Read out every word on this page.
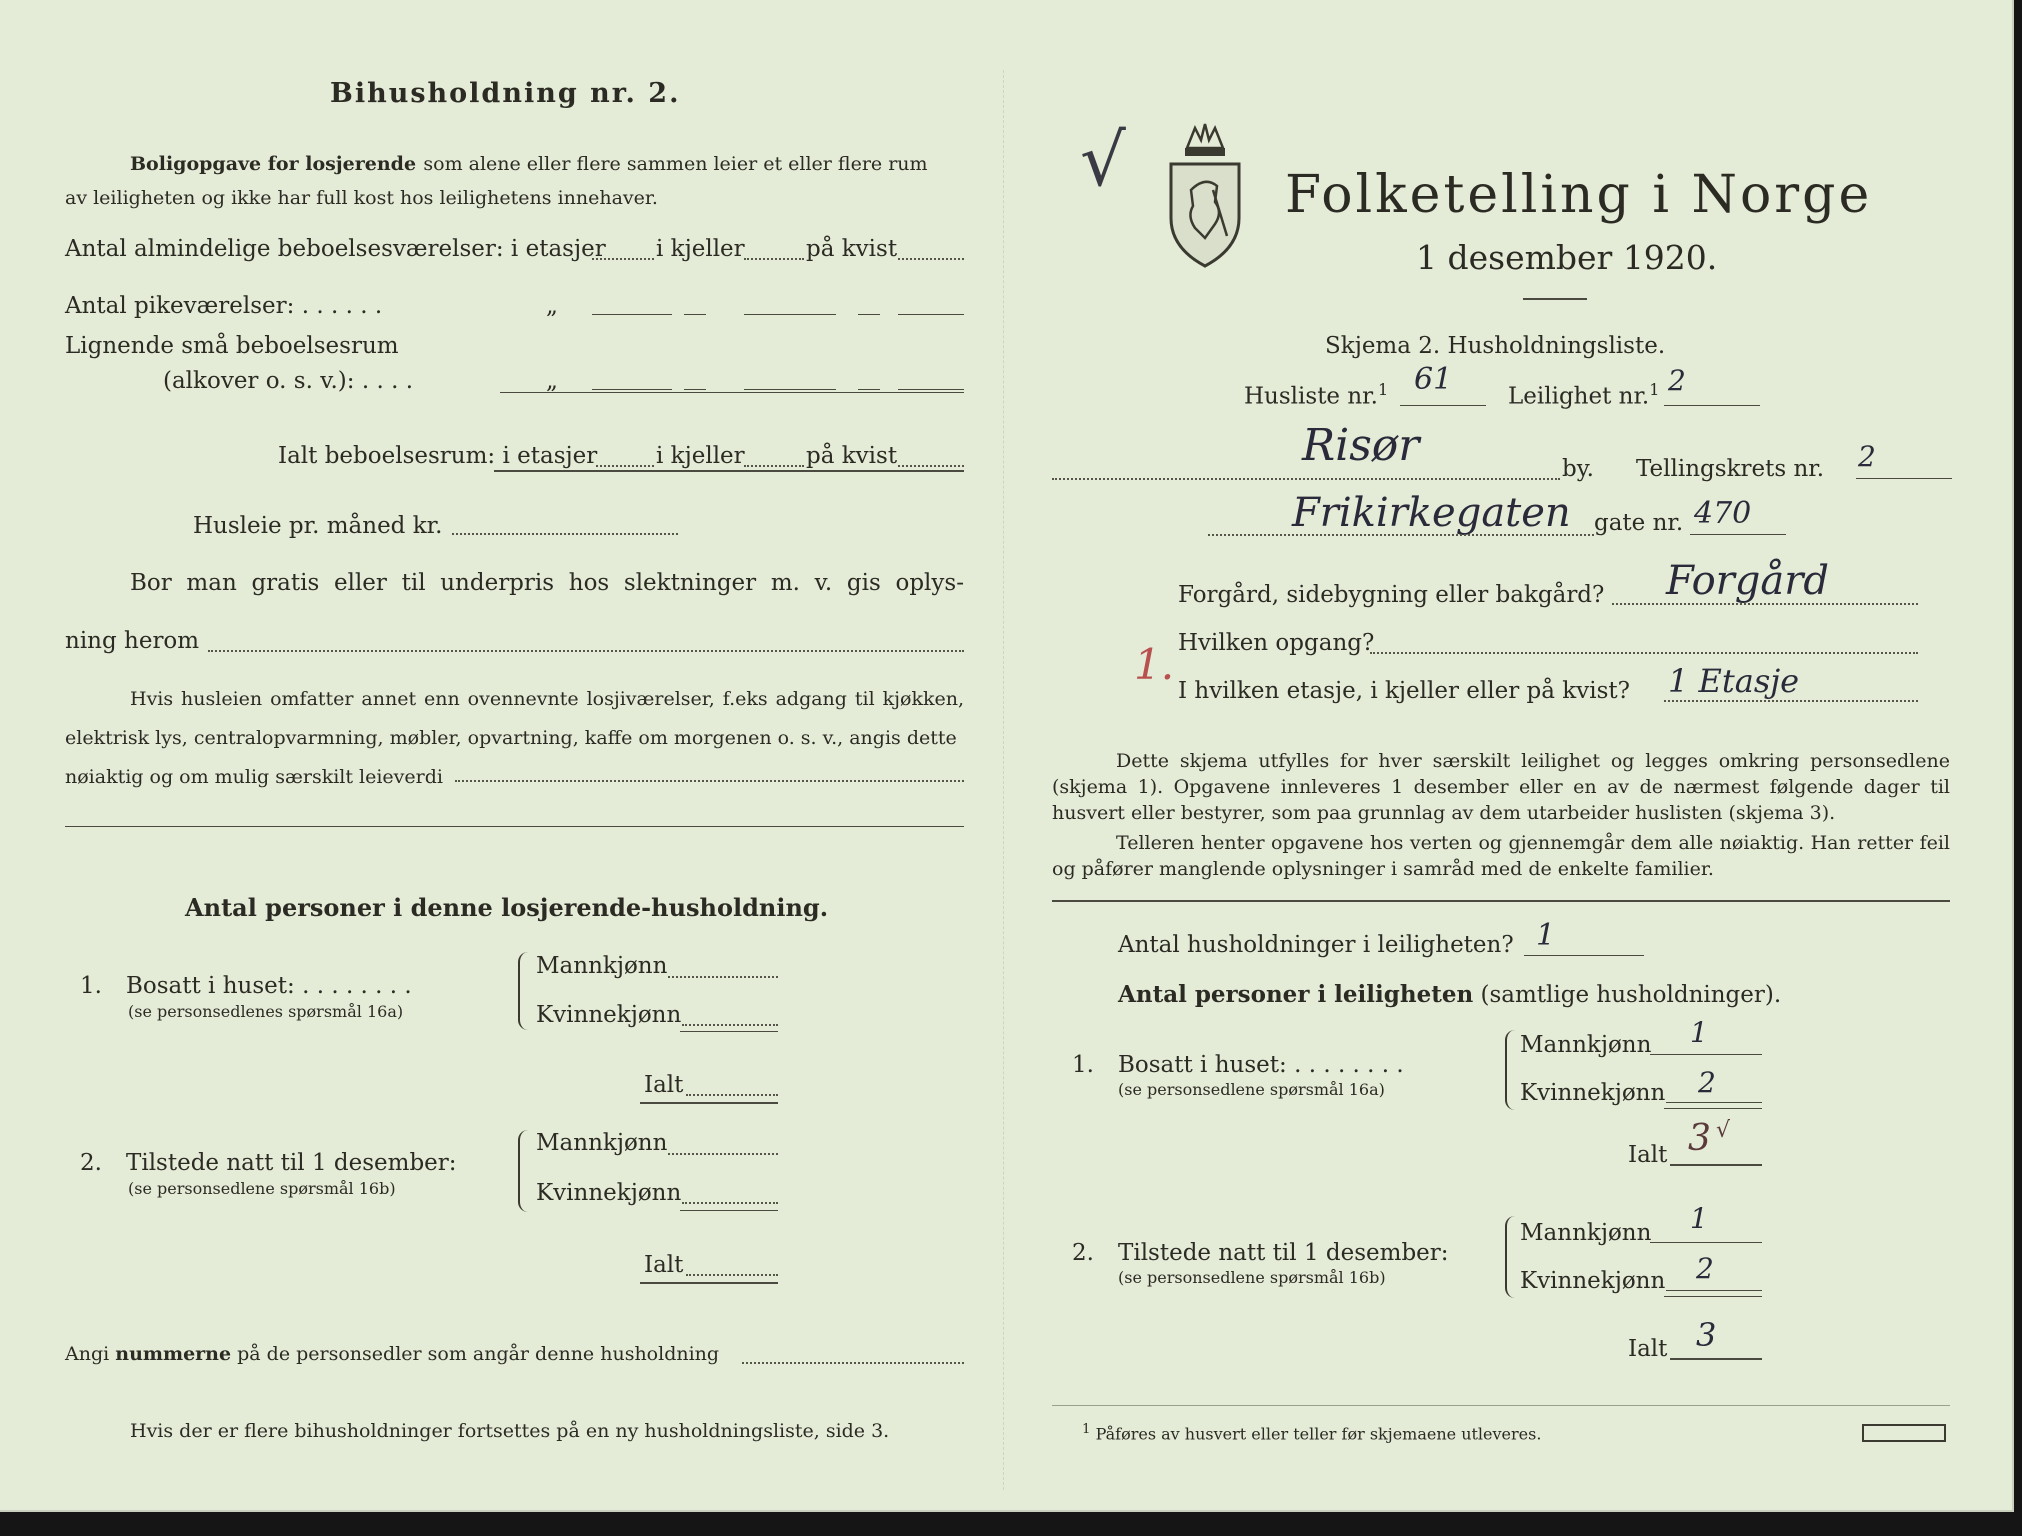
Bihusholdning nr. 2.
Boligopgave for losjerende som alene eller flere sammen leier et eller flere rum
av leiligheten og ikke har full kost hos leilighetens innehaver.
Antal almindelige beboelsesværelser: i etasjer i kjeller	på kvist
Antal pikeværelser: . . . . . .	„
Lignende små beboelsesrum
(alkover o. s. v.): . . . .	„
Ialt beboelsesrum: i etasjer	i kjeller	på kvist
Husleie pr. måned kr.
Bor man gratis eller til underpris hos slektninger m. v. gis oplys-
ning herom
Hvis husleien omfatter annet enn ovennevnte losjiværelser, f.eks adgang til kjøkken, elektrisk lys, centralopvarmning, møbler, opvartning, kaffe om morgenen o. s. v., angis dette
nøiaktig og om mulig særskilt leieverdi
Antal personer i denne losjerende-husholdning.
1. Bosatt i huset: . . . . . . . .
(se personsedlenes spørsmål 16a)
Mannkjønn
Kvinnekjønn
Ialt
2. Tilstede natt til 1 desember:
(se personsedlene spørsmål 16b)
Mannkjønn
Kvinnekjønn
Ialt
Angi nummerne på de personsedler som angår denne husholdning
Hvis der er flere bihusholdninger fortsettes på en ny husholdningsliste, side 3.
Folketelling i Norge
1 desember 1920.
Skjema 2. Husholdningsliste.
Husliste nr.$^1$ 61 Leilighet nr.$^1$ 2
Risør	by. Tellingskrets nr. 2
Frikirkegaten gate nr. 470
Forgård, sidebygning eller bakgård? Forgård
Hvilken opgang?
I hvilken etasje, i kjeller eller på kvist? 1 Etasje
Dette skjema utfylles for hver særskilt leilighet og legges omkring personsedlene (skjema 1). Opgavene innleveres 1 desember eller en av de nærmest følgende dager til husvert eller bestyrer, som paa grunnlag av dem utarbeider huslisten (skjema 3).
Telleren henter opgavene hos verten og gjennemgår dem alle nøiaktig. Han retter feil og påfører manglende oplysninger i samråd med de enkelte familier.
Antal husholdninger i leiligheten? 1
Antal personer i leiligheten (samtlige husholdninger).
1. Bosatt i huset: . . . . . . . .
(se personsedlene spørsmål 16a)
Mannkjønn 1
Kvinnekjønn 2
Ialt 3 √
2. Tilstede natt til 1 desember:
(se personsedlene spørsmål 16b)
Mannkjønn 1
Kvinnekjønn 2
Ialt 3
$^1$ Påføres av husvert eller teller før skjemaene utleveres.
√
1.
